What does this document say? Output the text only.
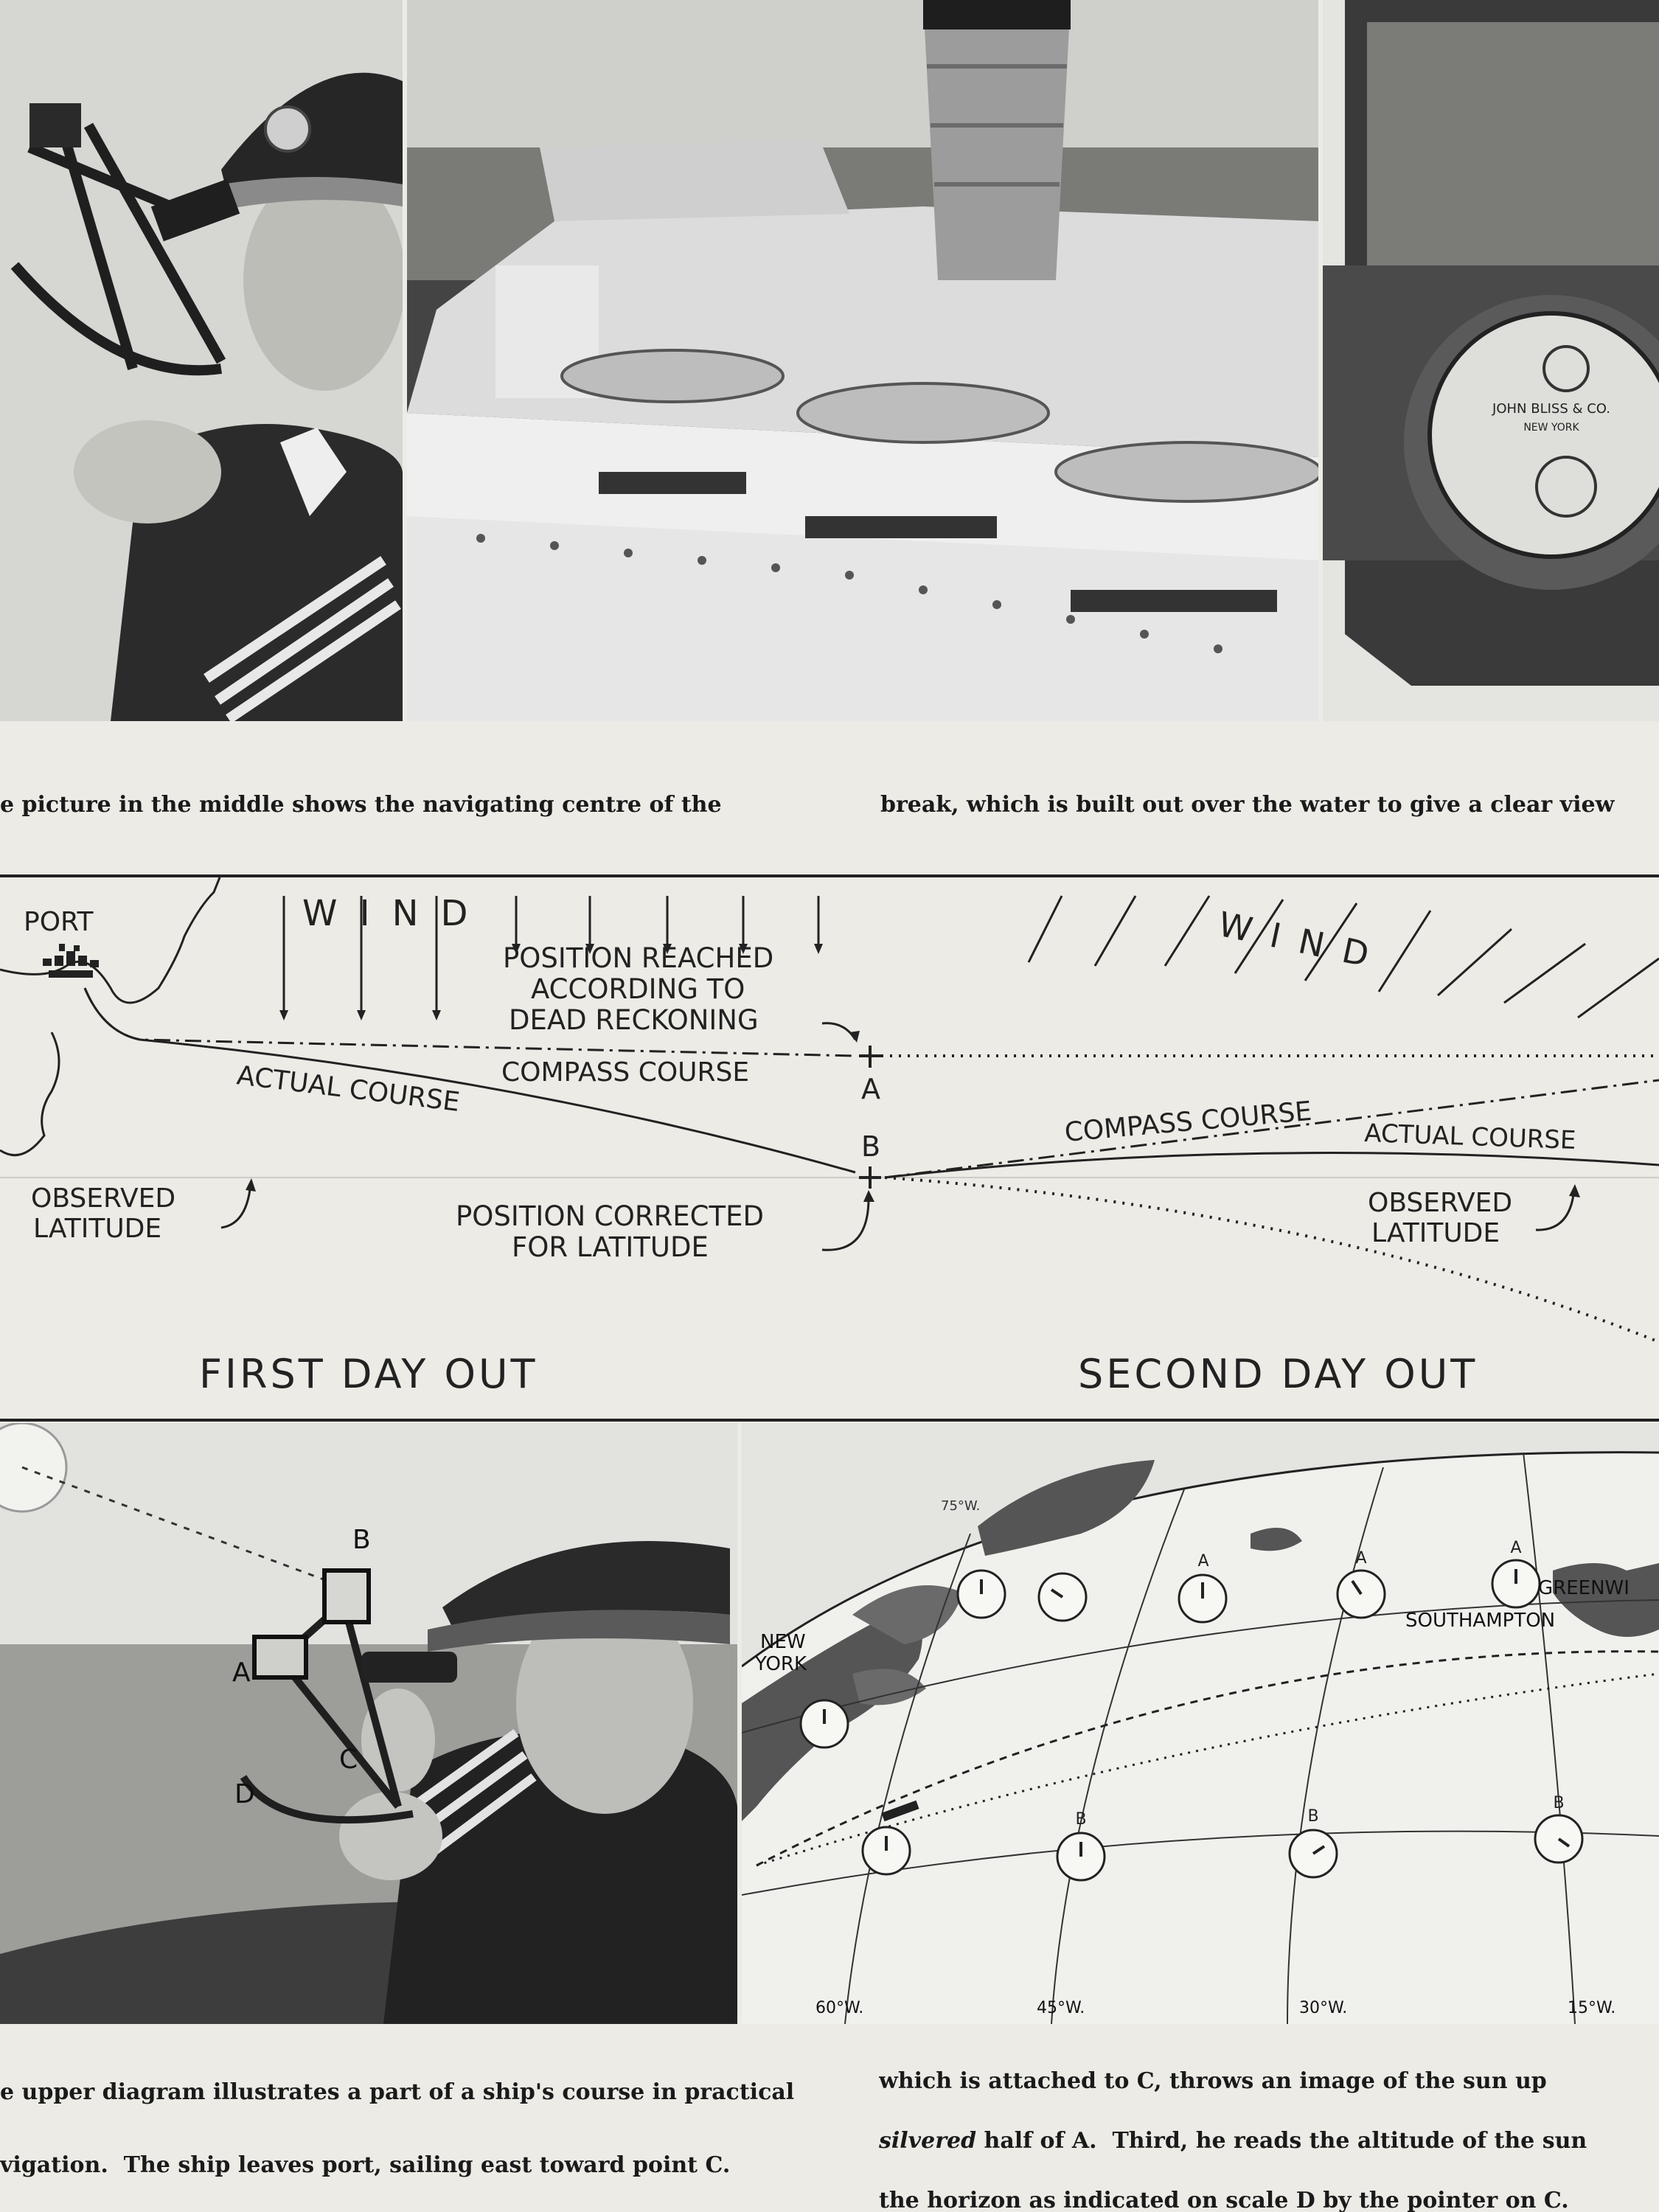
JOHN BLISS & CO.
NEW YORK

e picture in the middle shows the navigating centre of the

	break, which is built out over the water to give a clear view

PORT	WIND	WIND
POSITION REACHED
ACCORDING TO
DEAD RECKONING
COMPASS COURSE
ACTUAL COURSE	A
B
OBSERVED
LATITUDE	POSITION CORRECTED
FOR LATITUDE
COMPASS COURSE ACTUAL COURSE
OBSERVED
LATITUDE
FIRST DAY OUT	SECOND DAY OUT
B
A
C
D
A	A
A
B	B
B
NEW
YORK
SOUTHAMPTON
GREENWI
75°W.
60°W.	45°W.	30°W.	15°W.

e upper diagram illustrates a part of a ship's course in practical

vigation.  The ship leaves port, sailing east toward point C.

which is attached to C, throws an image of the sun up

silvered half of A.  Third, he reads the altitude of the sun

the horizon as indicated on scale D by the pointer on C.
